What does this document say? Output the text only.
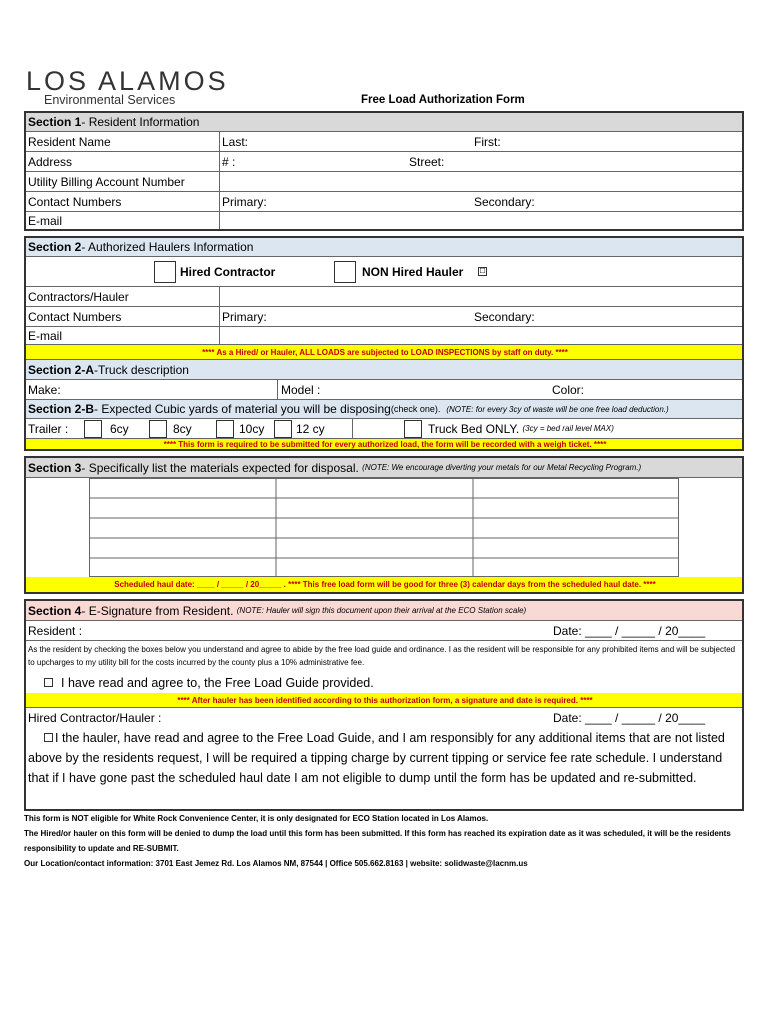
LOS ALAMOS
Environmental Services	Free Load Authorization Form
Section 1 - Resident Information
Resident Name	Last:	First:
Address	# :	Street:
Utility Billing Account Number
Contact Numbers	Primary:	Secondary:
E-mail
Section 2 - Authorized Haulers Information
Hired Contractor	NON Hired Hauler ☐
Contractors/Hauler
Contact Numbers	Primary:	Secondary:
E-mail
**** As a Hired/ or Hauler, ALL LOADS are subjected to LOAD INSPECTIONS by staff on duty. ****
Section 2-A -Truck description
Make:	Model :	Color:
Section 2-B - Expected Cubic yards of material you will be disposing (check one). (NOTE: for every 3cy of waste will be one free load deduction.)
Trailer :	6cy	8cy	10cy	12 cy	Truck Bed ONLY.
(3cy = bed rail level MAX)
**** This form is required to be submitted for every authorized load, the form will be recorded with a weigh ticket. ****
Section 3 - Specifically list the materials expected for disposal.
(NOTE: We encourage diverting your metals for our Metal Recycling Program.)
Scheduled haul date: ____ / _____ / 20_____ . **** This free load form will be good for three (3) calendar days from the scheduled haul date. ****
Section 4 - E-Signature from Resident.
(NOTE: Hauler will sign this document upon their arrival at the ECO Station scale)
Resident :	Date: ____ / _____ / 20____
As the resident by checking the boxes below you understand and agree to abide by the free load guide and ordinance. I as the resident will be responsible for any prohibited items and will be subjected to upcharges to my utility bill for the costs incurred by the county plus a 10% administrative fee.
I have read and agree to, the Free Load Guide provided.
**** After hauler has been identified according to this authorization form, a signature and date is required. ****
Hired Contractor/Hauler :	Date: ____ / _____ / 20____
I the hauler, have read and agree to the Free Load Guide, and I am responsibly for any additional items that are not listed above by the residents request, I will be required a tipping charge by current tipping or service fee rate schedule. I understand that if I have gone past the scheduled haul date I am not eligible to dump until the form has be updated and re-submitted.
This form is NOT eligible for White Rock Convenience Center, it is only designated for ECO Station located in Los Alamos.
The Hired/or hauler on this form will be denied to dump the load until this form has been submitted. If this form has reached its expiration date as it was scheduled, it will be the residents responsibility to update and RE-SUBMIT.
Our Location/contact information: 3701 East Jemez Rd. Los Alamos NM, 87544 | Office 505.662.8163 | website: solidwaste@lacnm.us
